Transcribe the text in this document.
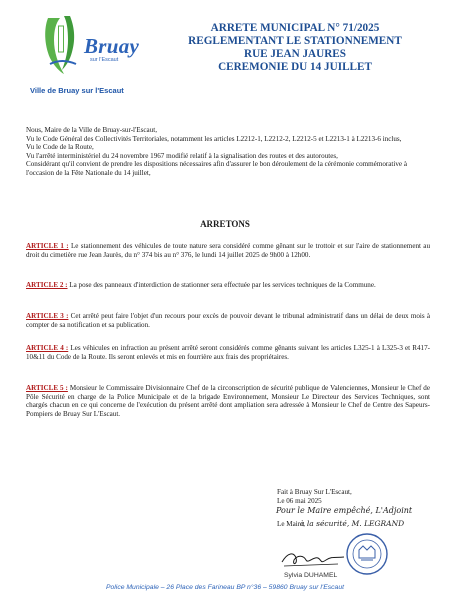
Bruay
sur l'Escaut
Ville de Bruay sur l'Escaut
ARRETE MUNICIPAL N° 71/2025
REGLEMENTANT LE STATIONNEMENT
RUE JEAN JAURES
CEREMONIE DU 14 JUILLET

Nous, Maire de la Ville de Bruay-sur-l'Escaut,

Vu le Code Général des Collectivités Territoriales, notamment les articles L2212-1, L2212-2, L2212-5 et L2213-1 à L2213-6 inclus,

Vu le Code de la Route,

Vu l'arrêté interministériel du 24 novembre 1967 modifié relatif à la signalisation des routes et des autoroutes,

Considérant qu'il convient de prendre les dispositions nécessaires afin d'assurer le bon déroulement de la cérémonie commémorative à l'occasion de la Fête Nationale du 14 juillet,

ARRETONS
ARTICLE 1 : Le stationnement des véhicules de toute nature sera considéré comme gênant sur le trottoir et sur l'aire de stationnement au droit du cimetière rue Jean Jaurès, du n° 374 bis au n° 376, le lundi 14 juillet 2025 de 9h00 à 12h00.
ARTICLE 2 : La pose des panneaux d'interdiction de stationner sera effectuée par les services techniques de la Commune.
ARTICLE 3 : Cet arrêté peut faire l'objet d'un recours pour excès de pouvoir devant le tribunal administratif dans un délai de deux mois à compter de sa notification et sa publication.
ARTICLE 4 : Les véhicules en infraction au présent arrêté seront considérés comme gênants suivant les articles L325-1 à L325-3 et R417-10&11 du Code de la Route. Ils seront enlevés et mis en fourrière aux frais des propriétaires.
ARTICLE 5 : Monsieur le Commissaire Divisionnaire Chef de la circonscription de sécurité publique de Valenciennes, Monsieur le Chef de Pôle Sécurité en charge de la Police Municipale et de la brigade Environnement, Monsieur Le Directeur des Services Techniques, sont chargés chacun en ce qui concerne de l'exécution du présent arrêté dont ampliation sera adressée à Monsieur le Chef de Centre des Sapeurs-Pompiers de Bruay Sur L'Escaut.
Fait à Bruay Sur L'Escaut,
Le 06 mai 2025
Pour le Maire empêché, L'Adjoint
Le Maire,
à la sécurité, M. LEGRAND
Sylvia DUHAMEL
Police Municipale – 26 Place des Farineau BP n°36 – 59860 Bruay sur l'Escaut
